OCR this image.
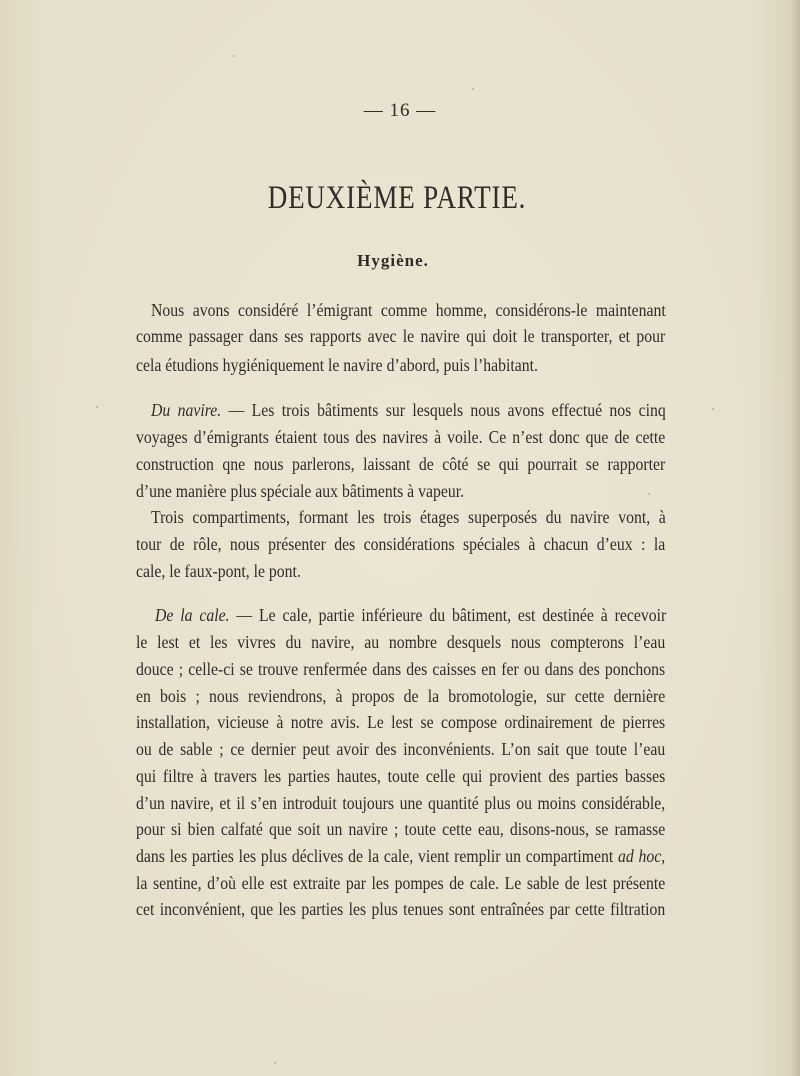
— 16 —
DEUXIÈME PARTIE.
Hygiène.
Nous avons considéré l’émigrant comme homme, considérons-le maintenant
comme passager dans ses rapports avec le navire qui doit le transporter, et pour
cela étudions hygiéniquement le navire d’abord, puis l’habitant.
Du navire. — Les trois bâtiments sur lesquels nous avons effectué nos cinq
voyages d’émigrants étaient tous des navires à voile. Ce n’est donc que de cette
construction qne nous parlerons, laissant de côté se qui pourrait se rapporter
d’une manière plus spéciale aux bâtiments à vapeur.
Trois compartiments, formant les trois étages superposés du navire vont, à
tour de rôle, nous présenter des considérations spéciales à chacun d’eux : la
cale, le faux-pont, le pont.
De la cale. — Le cale, partie inférieure du bâtiment, est destinée à recevoir
le lest et les vivres du navire, au nombre desquels nous compterons l’eau
douce ; celle-ci se trouve renfermée dans des caisses en fer ou dans des ponchons
en bois ; nous reviendrons, à propos de la bromotologie, sur cette dernière
installation, vicieuse à notre avis. Le lest se compose ordinairement de pierres
ou de sable ; ce dernier peut avoir des inconvénients. L’on sait que toute l’eau
qui filtre à travers les parties hautes, toute celle qui provient des parties basses
d’un navire, et il s’en introduit toujours une quantité plus ou moins considérable,
pour si bien calfaté que soit un navire ; toute cette eau, disons-nous, se ramasse
dans les parties les plus déclives de la cale, vient remplir un compartiment ad hoc,
la sentine, d’où elle est extraite par les pompes de cale. Le sable de lest présente
cet inconvénient, que les parties les plus tenues sont entraînées par cette filtration
